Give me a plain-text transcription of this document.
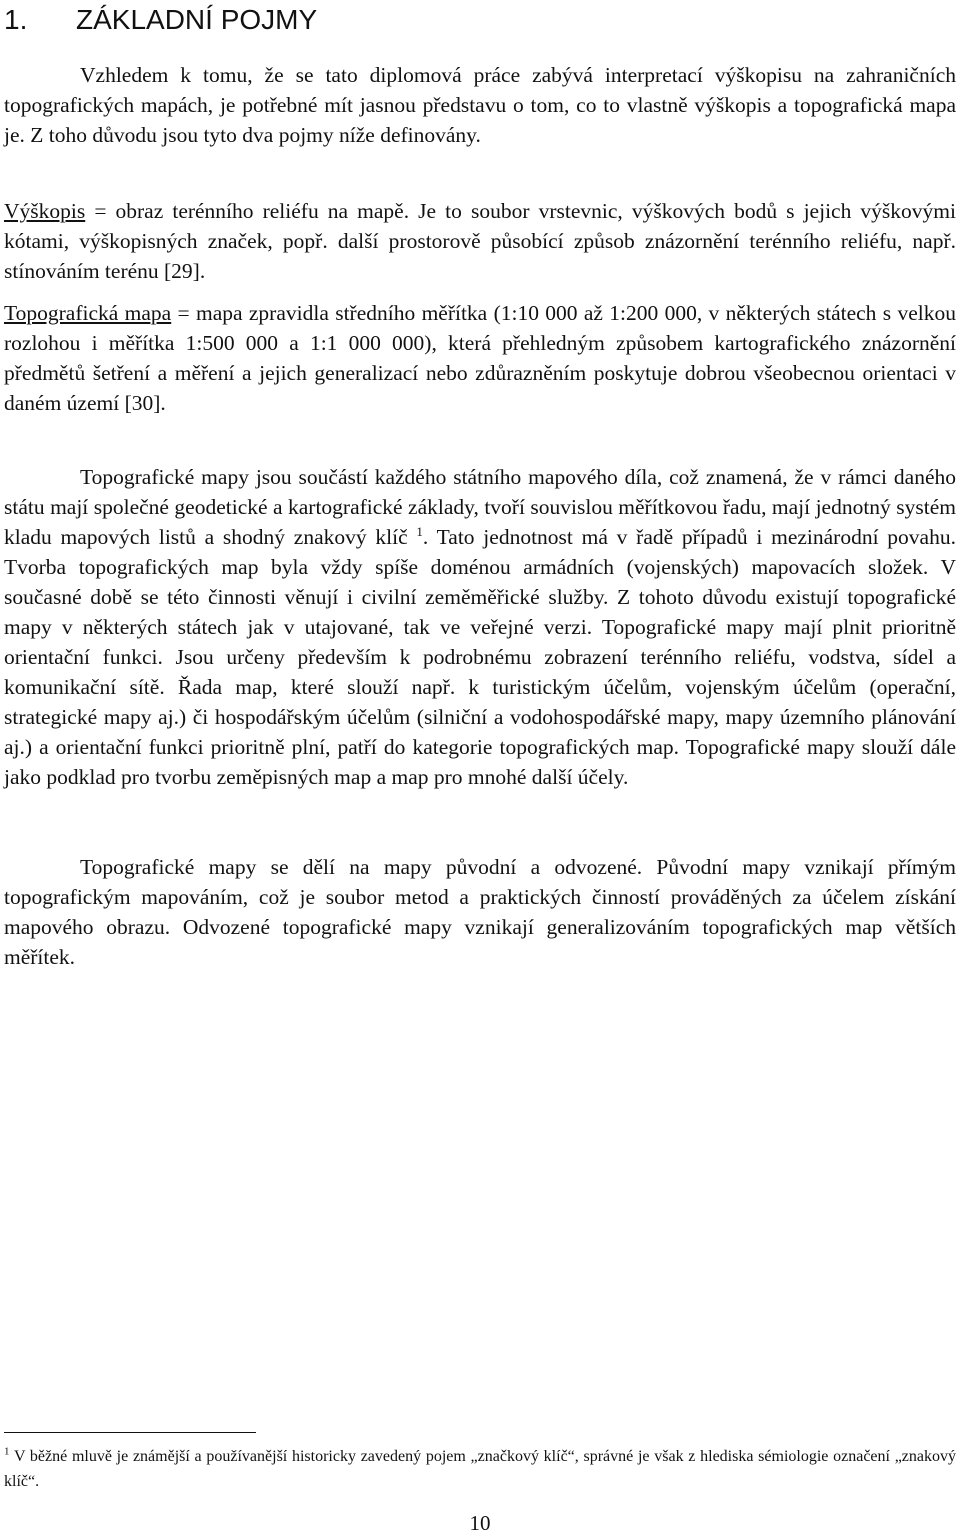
1. ZÁKLADNÍ POJMY

Vzhledem k tomu, že se tato diplomová práce zabývá interpretací výškopisu na zahraničních topografických mapách, je potřebné mít jasnou představu o tom, co to vlastně výškopis a topografická mapa je. Z toho důvodu jsou tyto dva pojmy níže definovány.

Výškopis = obraz terénního reliéfu na mapě. Je to soubor vrstevnic, výškových bodů s jejich výškovými kótami, výškopisných značek, popř. další prostorově působící způsob znázornění terénního reliéfu, např. stínováním terénu [29].

Topografická mapa = mapa zpravidla středního měřítka (1:10 000 až 1:200 000, v některých státech s velkou rozlohou i měřítka 1:500 000 a 1:1 000 000), která přehledným způsobem kartografického znázornění předmětů šetření a měření a jejich generalizací nebo zdůrazněním poskytuje dobrou všeobecnou orientaci v daném území [30].

Topografické mapy jsou součástí každého státního mapového díla, což znamená, že v rámci daného státu mají společné geodetické a kartografické základy, tvoří souvislou měřítkovou řadu, mají jednotný systém kladu mapových listů a shodný znakový klíč $^1$. Tato jednotnost má v řadě případů i mezinárodní povahu. Tvorba topografických map byla vždy spíše doménou armádních (vojenských) mapovacích složek. V současné době se této činnosti věnují i civilní zeměměřické služby. Z tohoto důvodu existují topografické mapy v některých státech jak v utajované, tak ve veřejné verzi. Topografické mapy mají plnit prioritně orientační funkci. Jsou určeny především k podrobnému zobrazení terénního reliéfu, vodstva, sídel a komunikační sítě. Řada map, které slouží např. k turistickým účelům, vojenským účelům (operační, strategické mapy aj.) či hospodářským účelům (silniční a vodohospodářské mapy, mapy územního plánování aj.) a orientační funkci prioritně plní, patří do kategorie topografických map. Topografické mapy slouží dále jako podklad pro tvorbu zeměpisných map a map pro mnohé další účely.

Topografické mapy se dělí na mapy původní a odvozené. Původní mapy vznikají přímým topografickým mapováním, což je soubor metod a praktických činností prováděných za účelem získání mapového obrazu. Odvozené topografické mapy vznikají generalizováním topografických map větších měřítek.

$^1$ V běžné mluvě je známější a používanější historicky zavedený pojem „značkový klíč“, správné je však z hlediska sémiologie označení „znakový klíč“.

10
